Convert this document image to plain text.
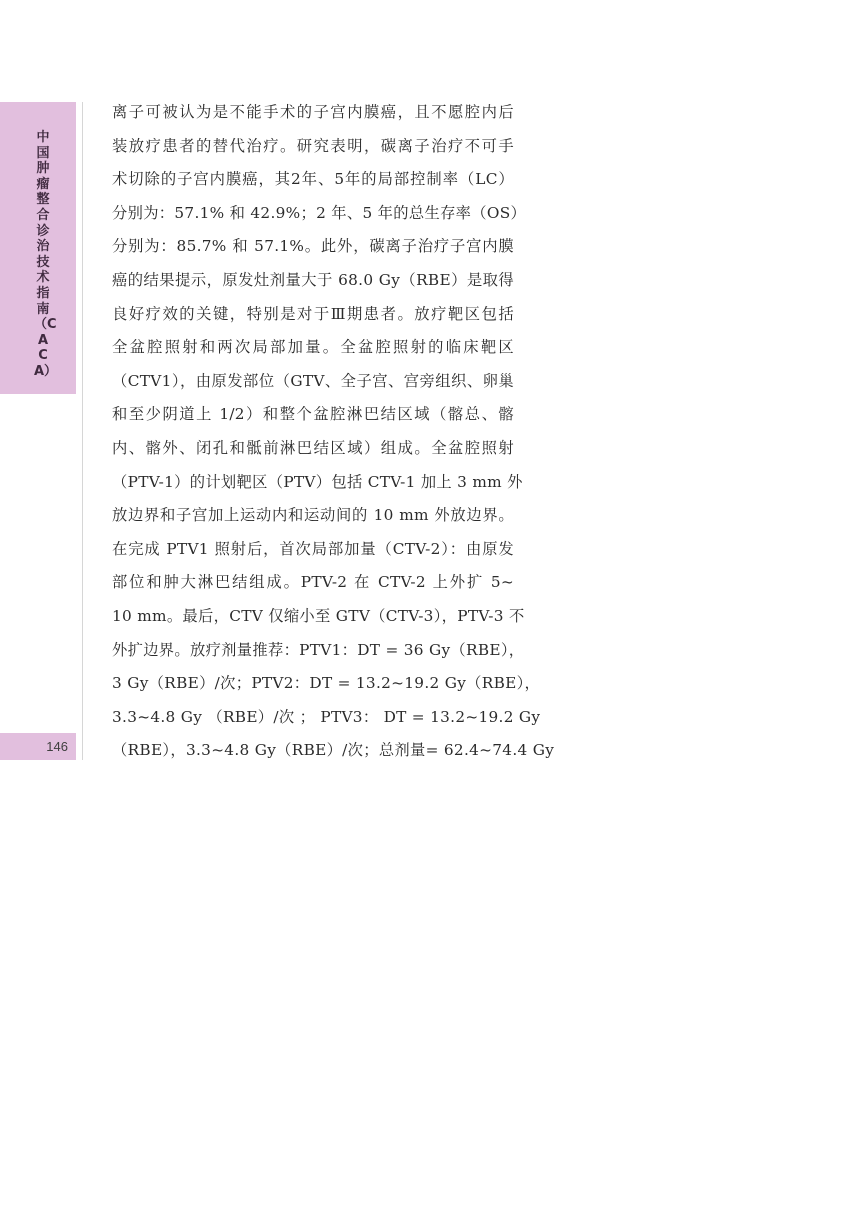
中国肿瘤整合诊治技术指南（CACA）
146
离子可被认为是不能手术的子宫内膜癌，且不愿腔内后
装放疗患者的替代治疗。研究表明，碳离子治疗不可手
术切除的子宫内膜癌，其2年、5年的局部控制率（LC）
分别为：57.1% 和 42.9%；2 年、5 年的总生存率（OS）
分别为：85.7% 和 57.1%。此外，碳离子治疗子宫内膜
癌的结果提示，原发灶剂量大于 68.0 Gy（RBE）是取得
良好疗效的关键，特别是对于Ⅲ期患者。放疗靶区包括
全盆腔照射和两次局部加量。全盆腔照射的临床靶区
（CTV1），由原发部位（GTV、全子宫、宫旁组织、卵巢
和至少阴道上 1/2）和整个盆腔淋巴结区域（髂总、髂
内、髂外、闭孔和骶前淋巴结区域）组成。全盆腔照射
（PTV-1）的计划靶区（PTV）包括 CTV-1 加上 3 mm 外
放边界和子宫加上运动内和运动间的 10 mm 外放边界。
在完成 PTV1 照射后，首次局部加量（CTV-2）：由原发
部位和肿大淋巴结组成。PTV-2 在 CTV-2 上外扩 5~
10 mm。最后，CTV 仅缩小至 GTV（CTV-3），PTV-3 不
外扩边界。放疗剂量推荐：PTV1：DT = 36 Gy（RBE），
3 Gy（RBE）/次；PTV2：DT = 13.2~19.2 Gy（RBE），
3.3~4.8 Gy （RBE）/次 ； PTV3： DT = 13.2~19.2 Gy
（RBE），3.3~4.8 Gy（RBE）/次；总剂量= 62.4~74.4 Gy
